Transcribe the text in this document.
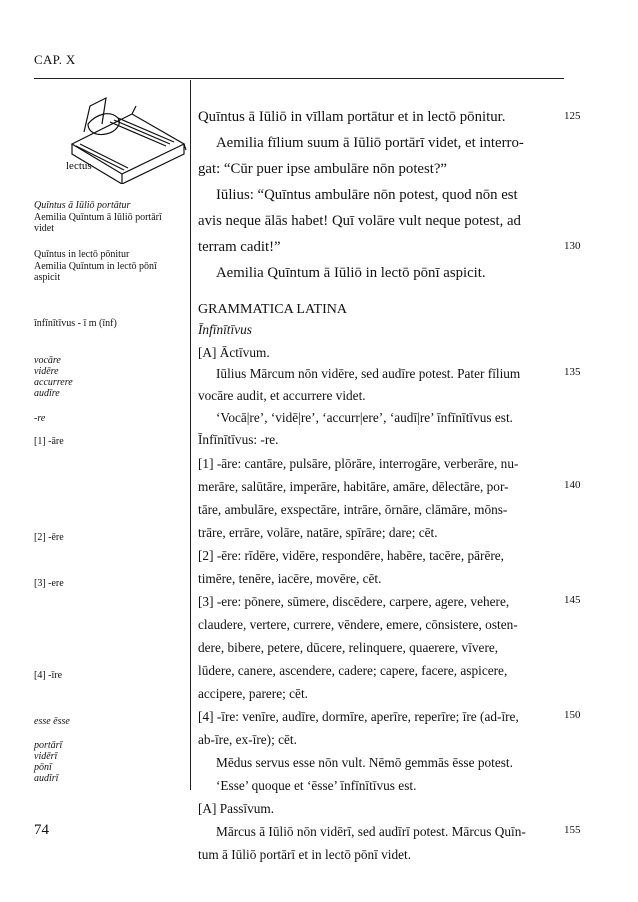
CAP. X
lectus
Quīntus ā Iūliō portātur
Aemilia Quīntum ā Iūliō portārī videt
Quīntus in lectō pōnitur
Aemilia Quīntum in lectō pōnī aspicit
īnfīnītīvus - ī m (īnf)
vocāre
vidēre
accurrere
audīre
-re
[1] -āre
[2] -ēre
[3] -ere
[4] -īre
esse ēsse
portārī
vidērī
pōnī
audīrī
Quīntus ā Iūliō in vīllam portātur et in lectō pōnitur.
Aemilia fīlium suum ā Iūliō portārī videt, et interro-
gat: “Cūr puer ipse ambulāre nōn potest?”
Iūlius: “Quīntus ambulāre nōn potest, quod nōn est
avis neque ālās habet! Quī volāre vult neque potest, ad
terram cadit!”
Aemilia Quīntum ā Iūliō in lectō pōnī aspicit.
GRAMMATICA LATINA
Īnfīnītīvus
[A] Āctīvum.
Iūlius Mārcum nōn vidēre, sed audīre potest. Pater fīlium
vocāre audit, et accurrere videt.
‘Vocā|re’, ‘vidē|re’, ‘accurr|ere’, ‘audī|re’ īnfīnītīvus est.
Īnfīnītīvus: -re.
[1] -āre: cantāre, pulsāre, plōrāre, interrogāre, verberāre, nu-
merāre, salūtāre, imperāre, habitāre, amāre, dēlectāre, por-
tāre, ambulāre, exspectāre, intrāre, ōrnāre, clāmāre, mōns-
trāre, errāre, volāre, natāre, spīrāre; dare; cēt.
[2] -ēre: rīdēre, vidēre, respondēre, habēre, tacēre, pārēre,
timēre, tenēre, iacēre, movēre, cēt.
[3] -ere: pōnere, sūmere, discēdere, carpere, agere, vehere,
claudere, vertere, currere, vēndere, emere, cōnsistere, osten-
dere, bibere, petere, dūcere, relinquere, quaerere, vīvere,
lūdere, canere, ascendere, cadere; capere, facere, aspicere,
accipere, parere; cēt.
[4] -īre: venīre, audīre, dormīre, aperīre, reperīre; īre (ad-īre,
ab-īre, ex-īre); cēt.
Mēdus servus esse nōn vult. Nēmō gemmās ēsse potest.
‘Esse’ quoque et ‘ēsse’ īnfīnītīvus est.
[A] Passīvum.
Mārcus ā Iūliō nōn vidērī, sed audīrī potest. Mārcus Quīn-
tum ā Iūliō portārī et in lectō pōnī videt.
125
130
135
140
145
150
155
74
